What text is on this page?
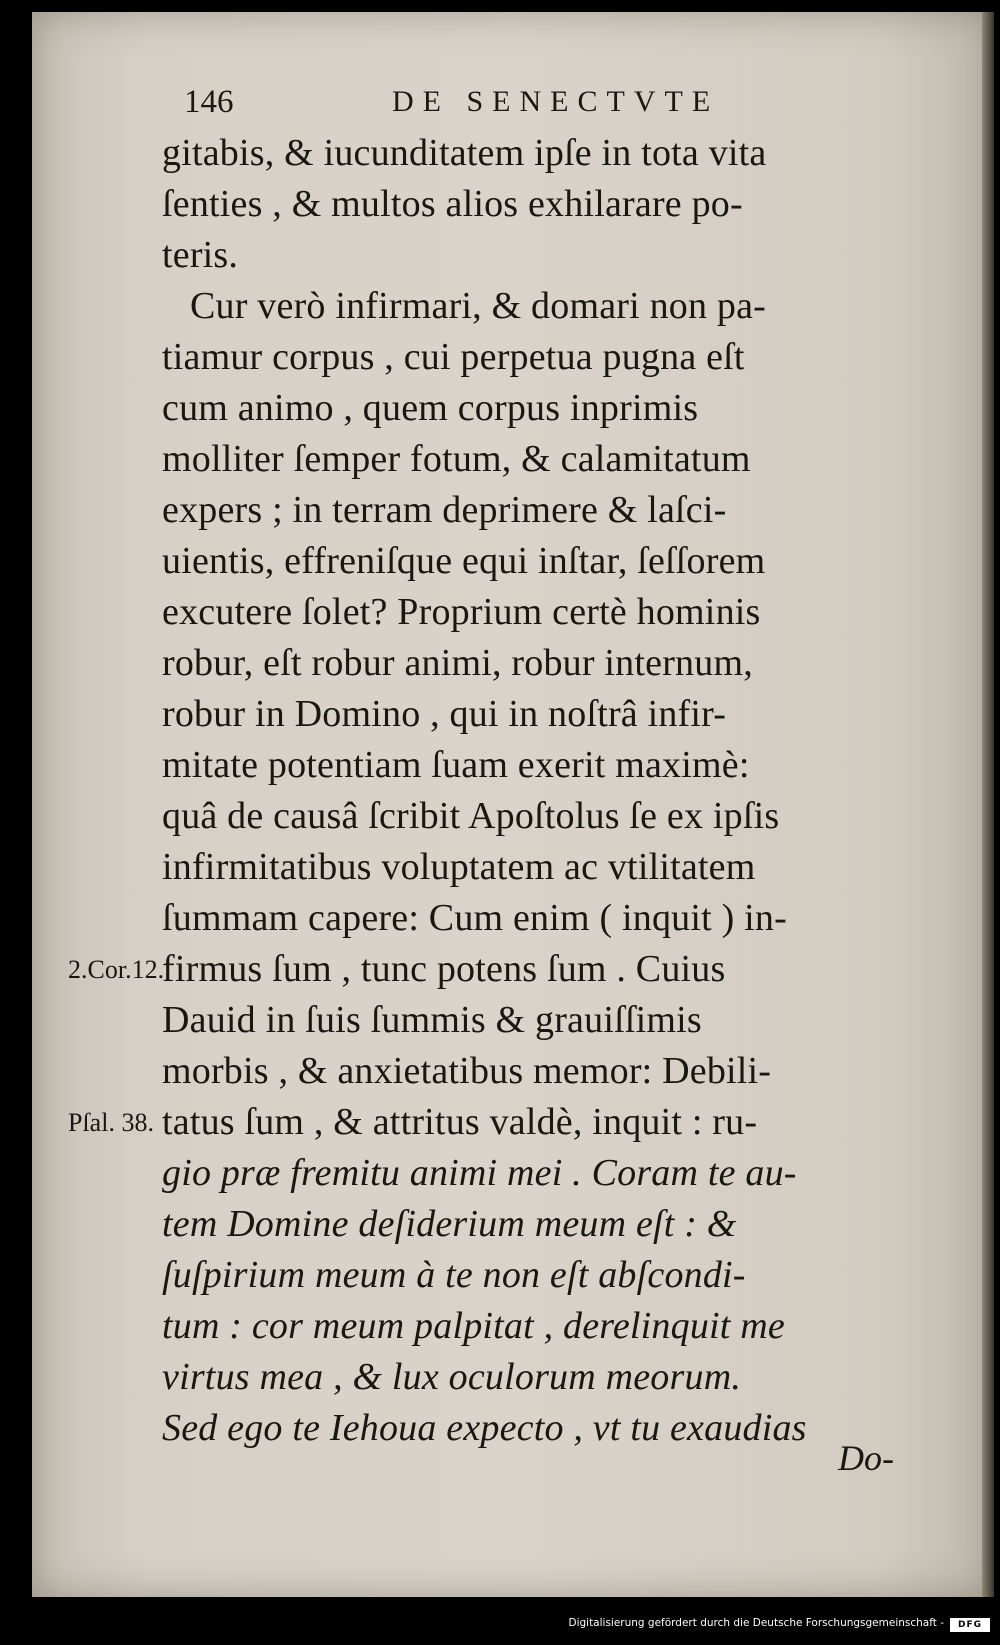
146	DE SENECTVTE
gitabis, & iucunditatem ipſe in tota vita
ſenties , & multos alios exhilarare po-
teris.
Cur verò infirmari, & domari non pa-
tiamur corpus , cui perpetua pugna eſt
cum animo , quem corpus inprimis
molliter ſemper fotum, & calamitatum
expers ; in terram deprimere & laſci-
uientis, effreniſque equi inſtar, ſeſſorem
excutere ſolet? Proprium certè hominis
robur, eſt robur animi, robur internum,
robur in Domino , qui in noſtrâ infir-
mitate potentiam ſuam exerit maximè:
quâ de causâ ſcribit Apoſtolus ſe ex ipſis
infirmitatibus voluptatem ac vtilitatem
ſummam capere: Cum enim ( inquit ) in-
firmus ſum , tunc potens ſum . Cuius
Dauid in ſuis ſummis & grauiſſimis
morbis , & anxietatibus memor: Debili-
tatus ſum , & attritus valdè, inquit : ru-
gio præ fremitu animi mei . Coram te au-
tem Domine deſiderium meum eſt : &
ſuſpirium meum à te non eſt abſcondi-
tum : cor meum palpitat , derelinquit me
virtus mea , & lux oculorum meorum.
Sed ego te Iehoua expecto , vt tu exaudias
2.Cor.12.
Pſal. 38.
Do-
Digitalisierung gefördert durch die Deutsche Forschungsgemeinschaft -	DFG
